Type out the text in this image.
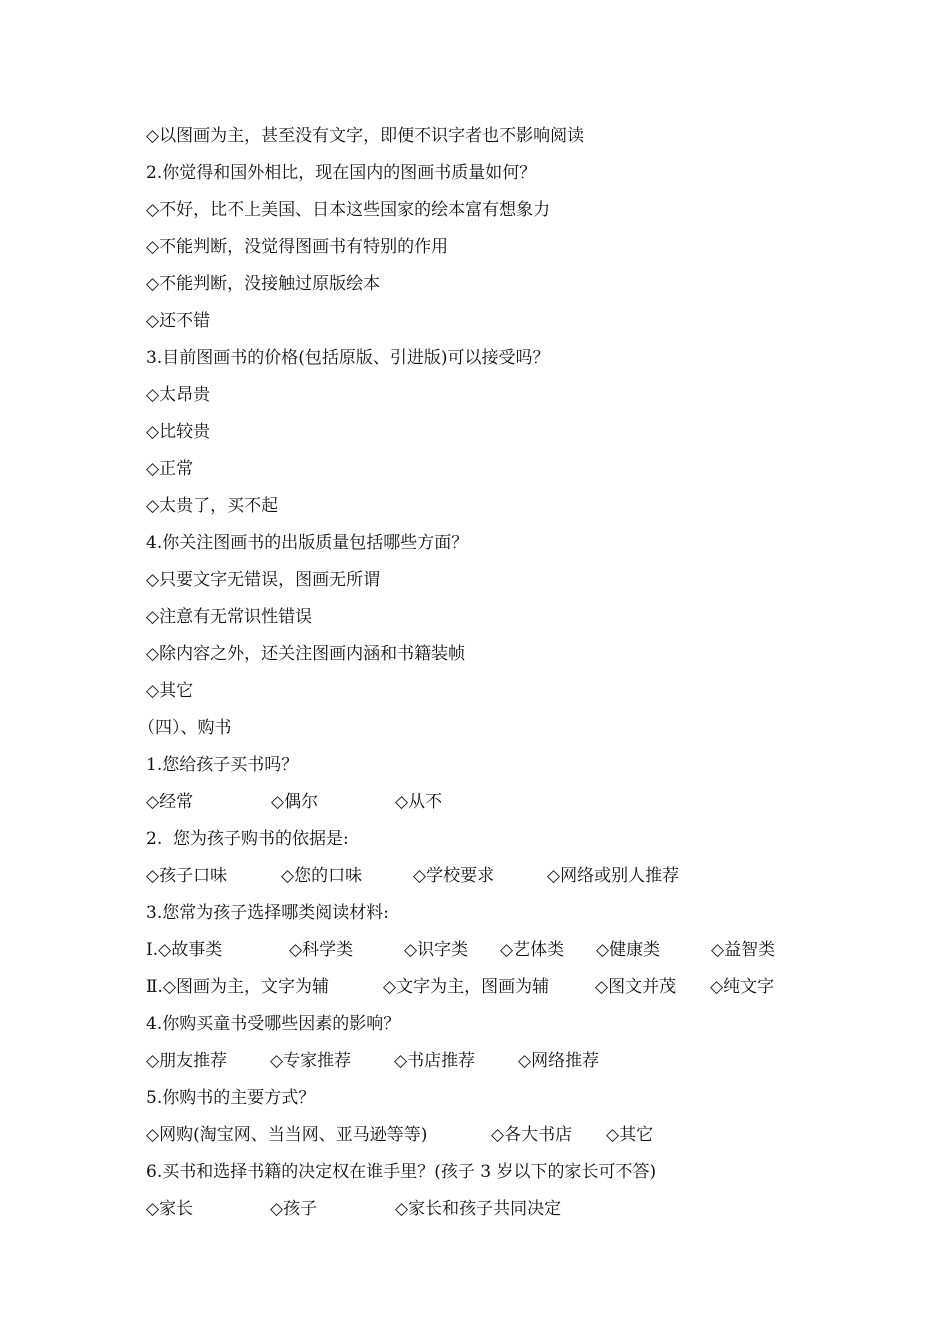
◇以图画为主，甚至没有文字，即便不识字者也不影响阅读
2.你觉得和国外相比，现在国内的图画书质量如何？
◇不好，比不上美国、日本这些国家的绘本富有想象力
◇不能判断，没觉得图画书有特别的作用
◇不能判断，没接触过原版绘本
◇还不错
3.目前图画书的价格(包括原版、引进版)可以接受吗？
◇太昂贵
◇比较贵
◇正常
◇太贵了，买不起
4.你关注图画书的出版质量包括哪些方面？
◇只要文字无错误，图画无所谓
◇注意有无常识性错误
◇除内容之外，还关注图画内涵和书籍装帧
◇其它
（四）、购书
1.您给孩子买书吗？
◇经常	◇偶尔	◇从不
2.  您为孩子购书的依据是:
◇孩子口味	◇您的口味	◇学校要求	◇网络或别人推荐
3.您常为孩子选择哪类阅读材料:
Ⅰ.◇故事类	◇科学类	◇识字类	◇艺体类	◇健康类	◇益智类
Ⅱ.◇图画为主，文字为辅	◇文字为主，图画为辅	◇图文并茂	◇纯文字
4.你购买童书受哪些因素的影响？
◇朋友推荐	◇专家推荐	◇书店推荐	◇网络推荐
5.你购书的主要方式？
◇网购(淘宝网、当当网、亚马逊等等)	◇各大书店	◇其它
6.买书和选择书籍的决定权在谁手里？(孩子 3 岁以下的家长可不答)
◇家长	◇孩子	◇家长和孩子共同决定
